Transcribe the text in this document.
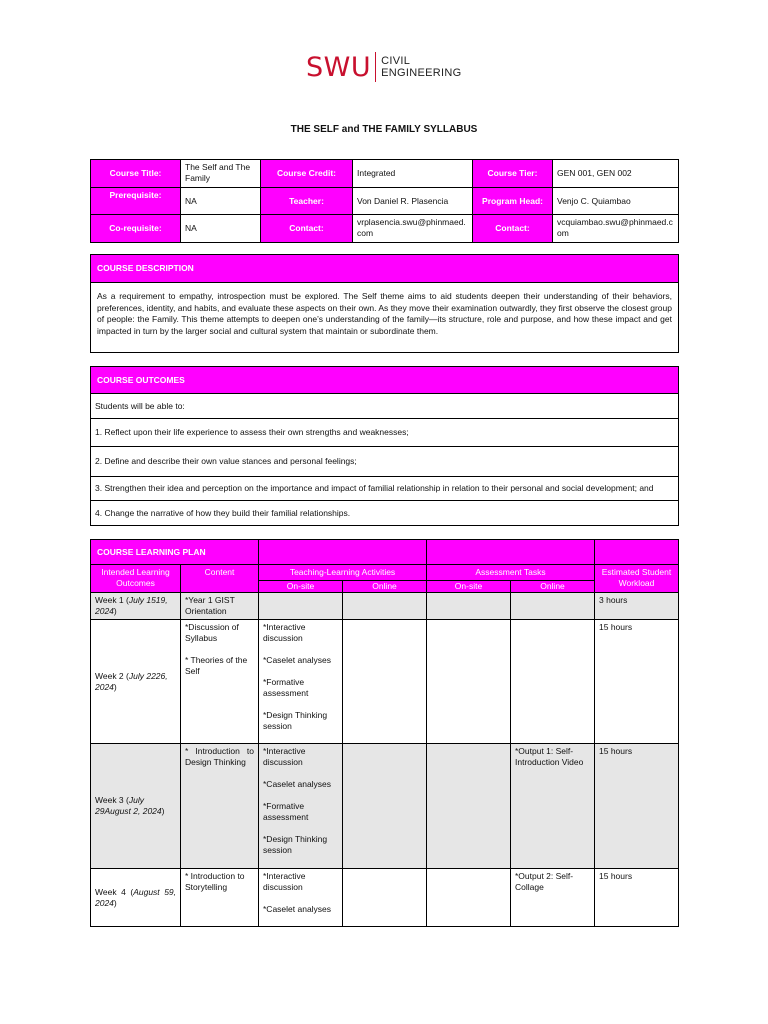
SWU CIVIL
ENGINEERING
THE SELF and THE FAMILY SYLLABUS
Course Title:	The Self and The Family	Course Credit:	Integrated	Course Tier:	GEN 001, GEN 002
Prerequisite:	NA	Teacher:	Von Daniel R. Plasencia	Program Head:	Venjo C. Quiambao
Co-requisite:	NA	Contact:	vrplasencia.swu@phinmaed.com	Contact:	vcquiambao.swu@phinmaed.com
COURSE DESCRIPTION
As a requirement to empathy, introspection must be explored. The Self theme aims to aid students deepen their understanding of their behaviors, preferences, identity, and habits, and evaluate these aspects on their own. As they move their examination outwardly, they first observe the closest group of people: the Family. This theme attempts to deepen one’s understanding of the family—its structure, role and purpose, and how these impact and get impacted in turn by the larger social and cultural system that maintain or subordinate them.
COURSE OUTCOMES
Students will be able to:
1. Reflect upon their life experience to assess their own strengths and weaknesses;
2. Define and describe their own value stances and personal feelings;
3. Strengthen their idea and perception on the importance and impact of familial relationship in relation to their personal and social development; and
4. Change the narrative of how they build their familial relationships.
COURSE LEARNING PLAN						
Intended Learning Outcomes	Content	Teaching-Learning Activities		Assessment Tasks		Estimated Student Workload
		On-site	Online	On-site	Online	
Week 1 (July 1519, 2024)	*Year 1 GIST Orientation					3 hours
Week 2 (July 2226, 2024)	*Discussion of Syllabus
* Theories of the Self	*Interactive discussion
*Caselet analyses
*Formative assessment
*Design Thinking session				15 hours
Week 3 (July 29August 2, 2024)	* Introduction to Design Thinking	*Interactive discussion
*Caselet analyses
*Formative assessment
*Design Thinking session			*Output 1: Self-Introduction Video	15 hours
Week 4 (August 59, 2024)	* Introduction to Storytelling	*Interactive discussion
*Caselet analyses			*Output 2: Self-Collage	15 hours
